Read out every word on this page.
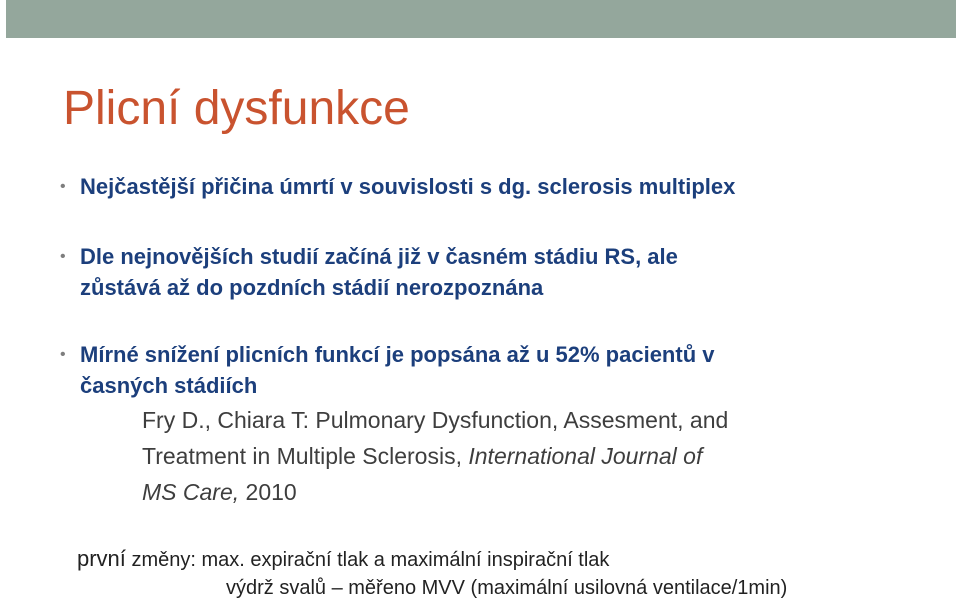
Plicní dysfunkce
• Nejčastější přičina úmrtí v souvislosti s dg. sclerosis multiplex
• Dle nejnovějších studií začíná již v časném stádiu RS, ale
zůstává až do pozdních stádií nerozpoznána
• Mírné snížení plicních funkcí je popsána až u 52% pacientů v
časných stádiích
Fry D., Chiara T: Pulmonary Dysfunction, Assesment, and
Treatment in Multiple Sclerosis, International Journal of
MS Care, 2010
první změny: max. expirační tlak a maximální inspirační tlak
výdrž svalů – měřeno MVV (maximální usilovná ventilace/1min)
